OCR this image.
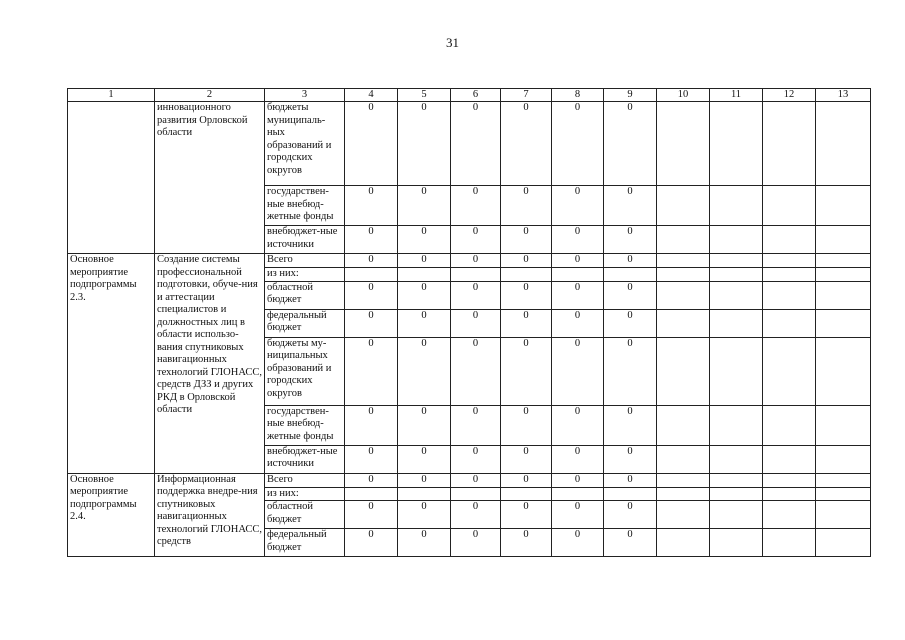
31
1	2	3	4	5	6	7	8	9	10	11	12	13
	инновационного развития Орловской области	бюджеты муниципаль-ных образований и городских округов	0	0	0	0	0	0				
		государствен-ные внебюд-жетные фонды	0	0	0	0	0	0				
		внебюджет-ные источники	0	0	0	0	0	0				
Основное мероприятие подпрограммы 2.3.	Создание системы профессиональной подготовки, обуче-ния и аттестации специалистов и должностных лиц в области использо-вания спутниковых навигационных технологий ГЛОНАСС, средств ДЗЗ и других РКД в Орловской области	Всего	0	0	0	0	0	0				
		из них:										
		областной бюджет	0	0	0	0	0	0				
		федеральный бюджет	0	0	0	0	0	0				
		бюджеты му-ниципальных образований и городских округов	0	0	0	0	0	0				
		государствен-ные внебюд-жетные фонды	0	0	0	0	0	0				
		внебюджет-ные источники	0	0	0	0	0	0				
Основное мероприятие подпрограммы 2.4.	Информационная поддержка внедре-ния спутниковых навигационных технологий ГЛОНАСС, средств	Всего	0	0	0	0	0	0				
		из них:										
		областной бюджет	0	0	0	0	0	0				
		федеральный бюджет	0	0	0	0	0	0				
